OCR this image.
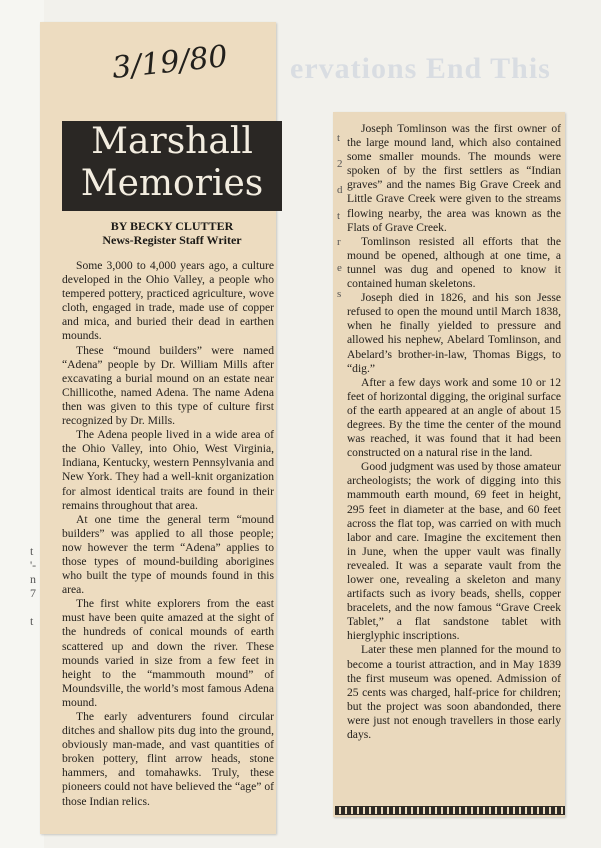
ervations End This
3/19/80
Marshall
Memories
BY BECKY CLUTTER
News-Register Staff Writer
t
'-
n
7

t
t
2
d
t
r
e
s

Some 3,000 to 4,000 years ago, a culture developed in the Ohio Valley, a people who tempered pottery, practiced agriculture, wove cloth, engaged in trade, made use of copper and mica, and buried their dead in earthen mounds.

These “mound builders” were named “Adena” people by Dr. William Mills after excavating a burial mound on an estate near Chillicothe, named Adena. The name Adena then was given to this type of culture first recognized by Dr. Mills.

The Adena people lived in a wide area of the Ohio Valley, into Ohio, West Virginia, Indiana, Kentucky, western Pennsylvania and New York. They had a well-knit organization for almost identical traits are found in their remains throughout that area.

At one time the general term “mound builders” was applied to all those people; now however the term “Adena” applies to those types of mound-building aborigines who built the type of mounds found in this area.

The first white explorers from the east must have been quite amazed at the sight of the hundreds of conical mounds of earth scattered up and down the river. These mounds varied in size from a few feet in height to the “mammouth mound” of Moundsville, the world’s most famous Adena mound.

The early adventurers found circular ditches and shallow pits dug into the ground, obviously man-made, and vast quantities of broken pottery, flint arrow heads, stone hammers, and tomahawks. Truly, these pioneers could not have believed the “age” of those Indian relics.

Joseph Tomlinson was the first owner of the large mound land, which also contained some smaller mounds. The mounds were spoken of by the first settlers as “Indian graves” and the names Big Grave Creek and Little Grave Creek were given to the streams flowing nearby, the area was known as the Flats of Grave Creek.

Tomlinson resisted all efforts that the mound be opened, although at one time, a tunnel was dug and opened to know it contained human skeletons.

Joseph died in 1826, and his son Jesse refused to open the mound until March 1838, when he finally yielded to pressure and allowed his nephew, Abelard Tomlinson, and Abelard’s brother-in-law, Thomas Biggs, to “dig.”

After a few days work and some 10 or 12 feet of horizontal digging, the original surface of the earth appeared at an angle of about 15 degrees. By the time the center of the mound was reached, it was found that it had been constructed on a natural rise in the land.

Good judgment was used by those amateur archeologists; the work of digging into this mammouth earth mound, 69 feet in height, 295 feet in diameter at the base, and 60 feet across the flat top, was carried on with much labor and care. Imagine the excitement then in June, when the upper vault was finally revealed. It was a separate vault from the lower one, revealing a skeleton and many artifacts such as ivory beads, shells, copper bracelets, and the now famous “Grave Creek Tablet,” a flat sandstone tablet with hierglyphic inscriptions.

Later these men planned for the mound to become a tourist attraction, and in May 1839 the first museum was opened. Admission of 25 cents was charged, half-price for children; but the project was soon abandonded, there were just not enough travellers in those early days.
